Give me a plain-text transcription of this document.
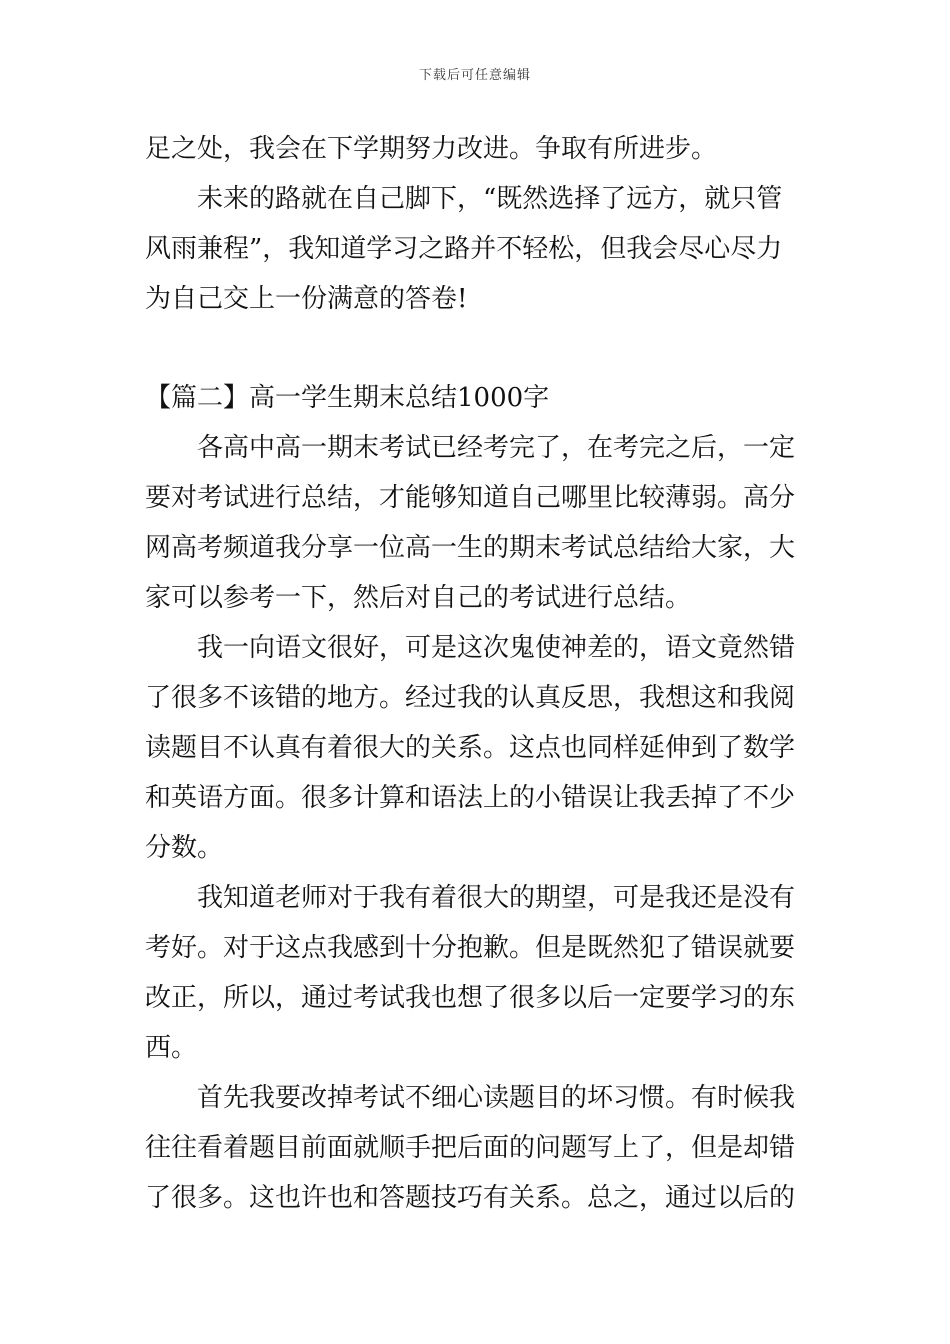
下载后可任意编辑
足之处，我会在下学期努力改进。争取有所进步。
未来的路就在自己脚下，“既然选择了远方，就只管
风雨兼程”，我知道学习之路并不轻松，但我会尽心尽力
为自己交上一份满意的答卷!
【篇二】高一学生期末总结1000字
各高中高一期末考试已经考完了，在考完之后，一定
要对考试进行总结，才能够知道自己哪里比较薄弱。高分
网高考频道我分享一位高一生的期末考试总结给大家，大
家可以参考一下，然后对自己的考试进行总结。
我一向语文很好，可是这次鬼使神差的，语文竟然错
了很多不该错的地方。经过我的认真反思，我想这和我阅
读题目不认真有着很大的关系。这点也同样延伸到了数学
和英语方面。很多计算和语法上的小错误让我丢掉了不少
分数。
我知道老师对于我有着很大的期望，可是我还是没有
考好。对于这点我感到十分抱歉。但是既然犯了错误就要
改正，所以，通过考试我也想了很多以后一定要学习的东
西。
首先我要改掉考试不细心读题目的坏习惯。有时候我
往往看着题目前面就顺手把后面的问题写上了，但是却错
了很多。这也许也和答题技巧有关系。总之，通过以后的
